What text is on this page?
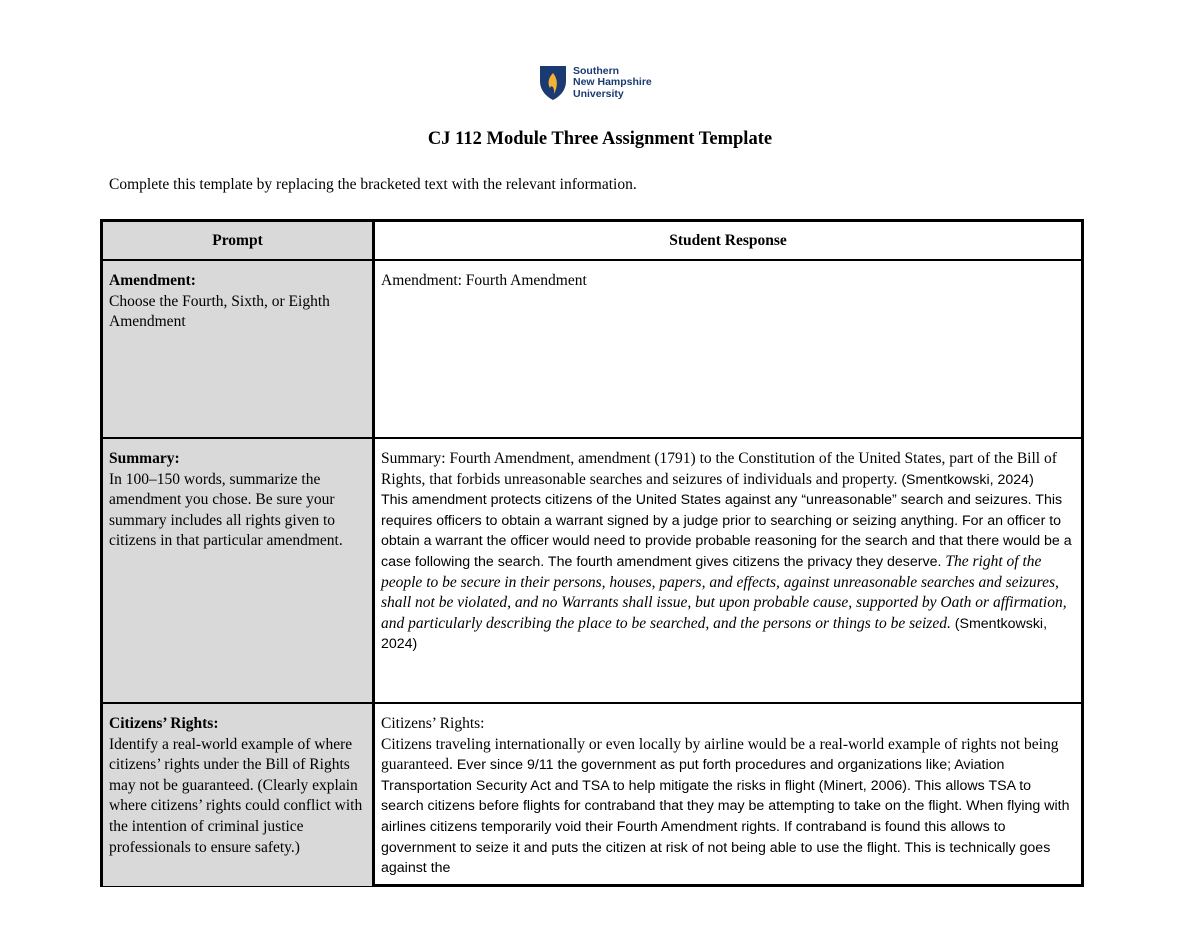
Southern
New Hampshire
University
CJ 112 Module Three Assignment Template
Complete this template by replacing the bracketed text with the relevant information.
Prompt	Student Response
Amendment:
Choose the Fourth, Sixth, or Eighth Amendment
Amendment: Fourth Amendment
Summary:
In 100–150 words, summarize the amendment you chose. Be sure your summary includes all rights given to citizens in that particular amendment.
Summary: Fourth Amendment, amendment (1791) to the Constitution of the United States, part of the Bill of Rights, that forbids unreasonable searches and seizures of individuals and property. (Smentkowski, 2024)
This amendment protects citizens of the United States against any “unreasonable” search and seizures. This requires officers to obtain a warrant signed by a judge prior to searching or seizing anything. For an officer to obtain a warrant the officer would need to provide probable reasoning for the search and that there would be a case following the search. The fourth amendment gives citizens the privacy they deserve. The right of the people to be secure in their persons, houses, papers, and effects, against unreasonable searches and seizures, shall not be violated, and no Warrants shall issue, but upon probable cause, supported by Oath or affirmation, and particularly describing the place to be searched, and the persons or things to be seized. (Smentkowski, 2024)
Citizens’ Rights:
Identify a real-world example of where citizens’ rights under the Bill of Rights may not be guaranteed. (Clearly explain where citizens’ rights could conflict with the intention of criminal justice professionals to ensure safety.)
Citizens’ Rights:
Citizens traveling internationally or even locally by airline would be a real-world example of rights not being guaranteed. Ever since 9/11 the government as put forth procedures and organizations like; Aviation Transportation Security Act and TSA to help mitigate the risks in flight (Minert, 2006). This allows TSA to search citizens before flights for contraband that they may be attempting to take on the flight. When flying with airlines citizens temporarily void their Fourth Amendment rights. If contraband is found this allows to government to seize it and puts the citizen at risk of not being able to use the flight. This is technically goes against the
